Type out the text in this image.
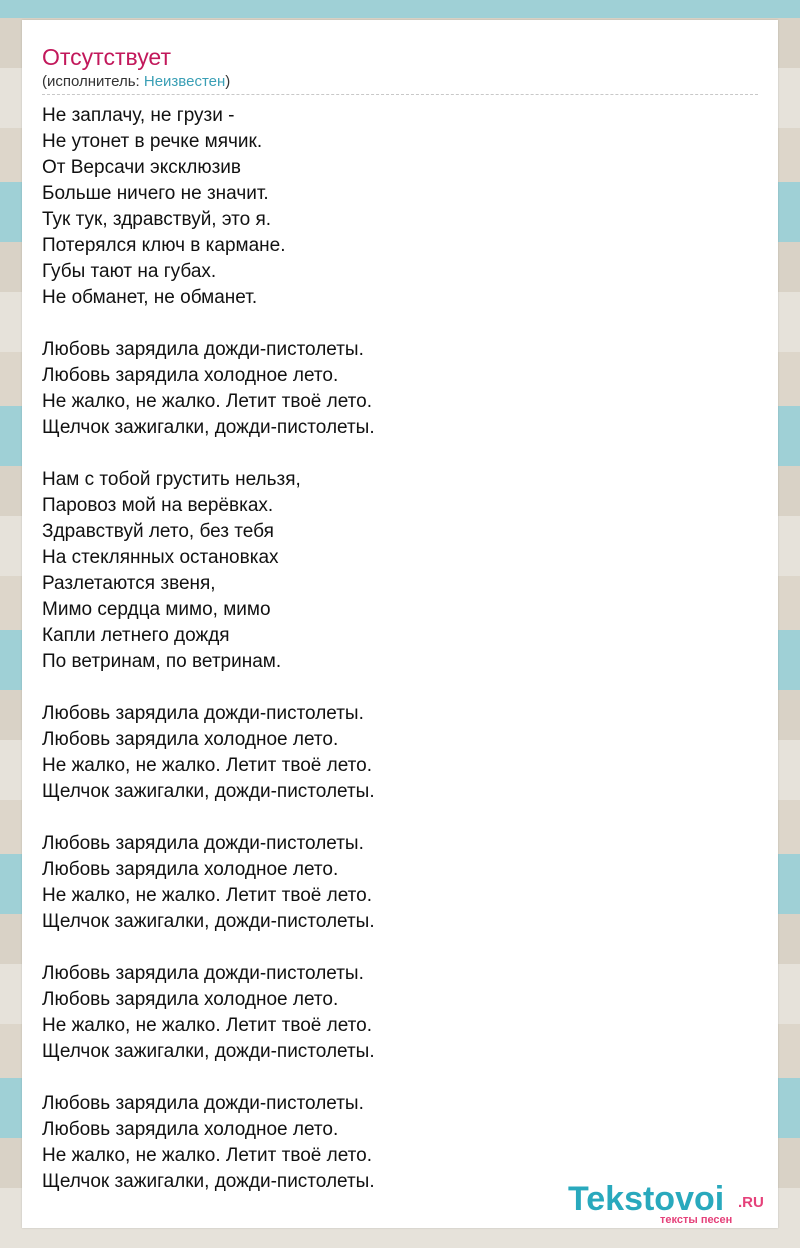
Отсутствует
(исполнитель: Неизвестен)
Не заплачу, не грузи -
Не утонет в речке мячик.
От Версачи эксклюзив
Больше ничего не значит.
Тук тук, здравствуй, это я.
Потерялся ключ в кармане.
Губы тают на губах.
Не обманет, не обманет.
Любовь зарядила дожди-пистолеты.
Любовь зарядила холодное лето.
Не жалко, не жалко. Летит твоё лето.
Щелчок зажигалки, дожди-пистолеты.
Нам с тобой грустить нельзя,
Паровоз мой на верёвках.
Здравствуй лето, без тебя
На стеклянных остановках
Разлетаются звеня,
Мимо сердца мимо, мимо
Капли летнего дождя
По ветринам, по ветринам.
Любовь зарядила дожди-пистолеты.
Любовь зарядила холодное лето.
Не жалко, не жалко. Летит твоё лето.
Щелчок зажигалки, дожди-пистолеты.
Любовь зарядила дожди-пистолеты.
Любовь зарядила холодное лето.
Не жалко, не жалко. Летит твоё лето.
Щелчок зажигалки, дожди-пистолеты.
Любовь зарядила дожди-пистолеты.
Любовь зарядила холодное лето.
Не жалко, не жалко. Летит твоё лето.
Щелчок зажигалки, дожди-пистолеты.
Любовь зарядила дожди-пистолеты.
Любовь зарядила холодное лето.
Не жалко, не жалко. Летит твоё лето.
Щелчок зажигалки, дожди-пистолеты.	Tekstovoi .RU
тексты песен
